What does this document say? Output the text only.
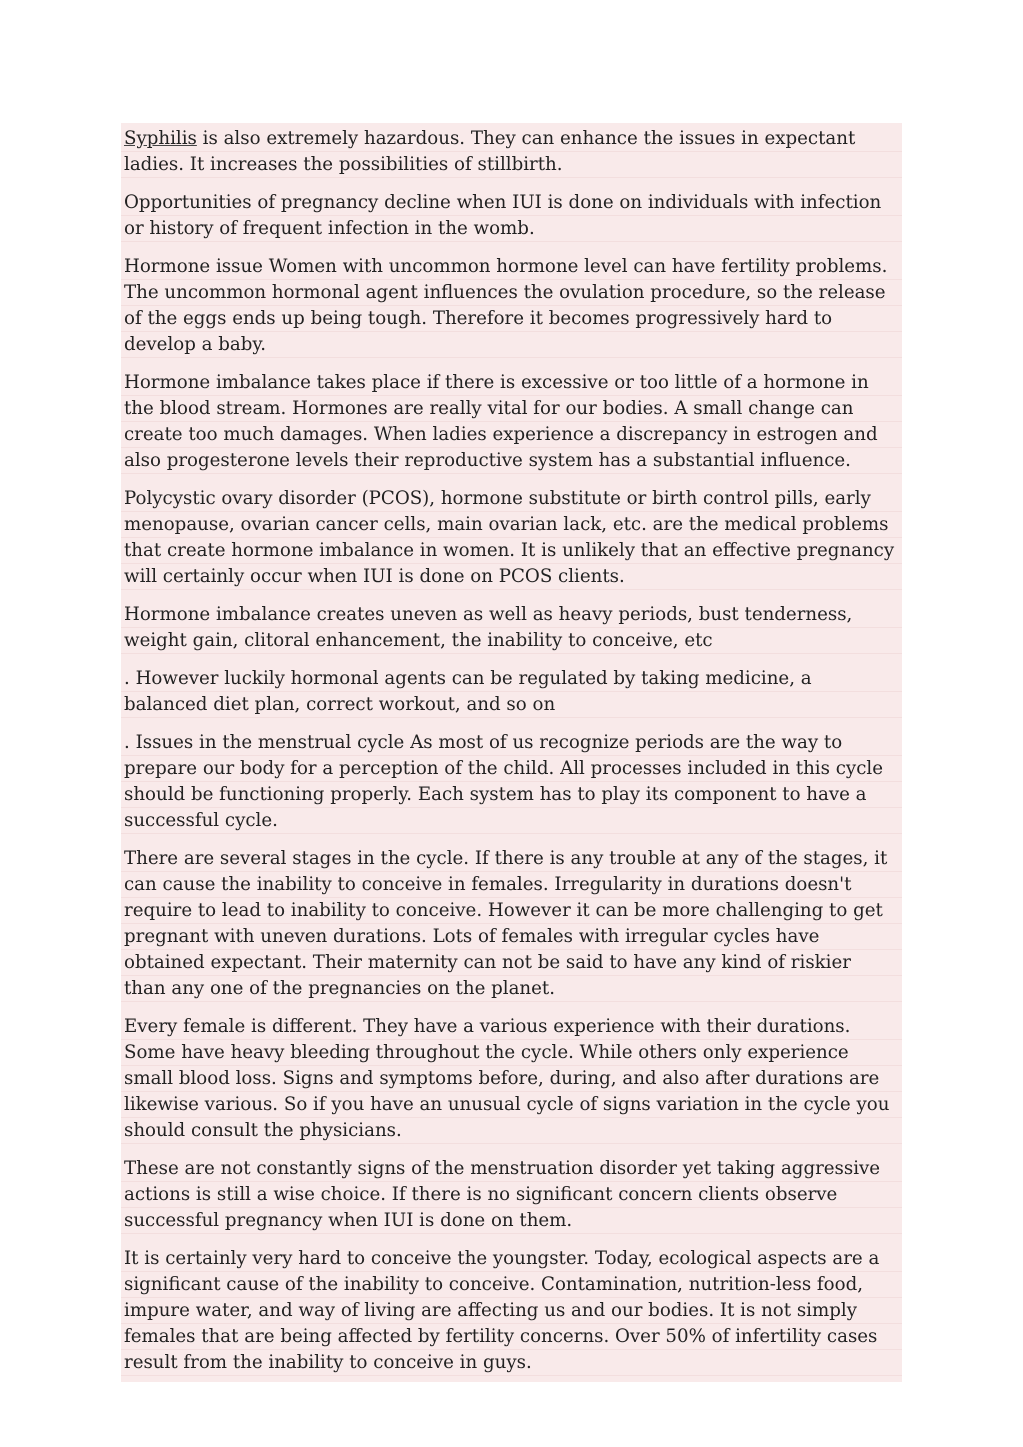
Syphilis is also extremely hazardous. They can enhance the issues in expectant ladies. It increases the possibilities of stillbirth.

Opportunities of pregnancy decline when IUI is done on individuals with infection or history of frequent infection in the womb.

Hormone issue Women with uncommon hormone level can have fertility problems. The uncommon hormonal agent influences the ovulation procedure, so the release of the eggs ends up being tough. Therefore it becomes progressively hard to develop a baby.

Hormone imbalance takes place if there is excessive or too little of a hormone in the blood stream. Hormones are really vital for our bodies. A small change can create too much damages. When ladies experience a discrepancy in estrogen and also progesterone levels their reproductive system has a substantial influence.

Polycystic ovary disorder (PCOS), hormone substitute or birth control pills, early menopause, ovarian cancer cells, main ovarian lack, etc. are the medical problems that create hormone imbalance in women. It is unlikely that an effective pregnancy will certainly occur when IUI is done on PCOS clients.

Hormone imbalance creates uneven as well as heavy periods, bust tenderness, weight gain, clitoral enhancement, the inability to conceive, etc

. However luckily hormonal agents can be regulated by taking medicine, a balanced diet plan, correct workout, and so on

. Issues in the menstrual cycle As most of us recognize periods are the way to prepare our body for a perception of the child. All processes included in this cycle should be functioning properly. Each system has to play its component to have a successful cycle.

There are several stages in the cycle. If there is any trouble at any of the stages, it can cause the inability to conceive in females. Irregularity in durations doesn't require to lead to inability to conceive. However it can be more challenging to get pregnant with uneven durations. Lots of females with irregular cycles have obtained expectant. Their maternity can not be said to have any kind of riskier than any one of the pregnancies on the planet.

Every female is different. They have a various experience with their durations. Some have heavy bleeding throughout the cycle. While others only experience small blood loss. Signs and symptoms before, during, and also after durations are likewise various. So if you have an unusual cycle of signs variation in the cycle you should consult the physicians.

These are not constantly signs of the menstruation disorder yet taking aggressive actions is still a wise choice. If there is no significant concern clients observe successful pregnancy when IUI is done on them.

It is certainly very hard to conceive the youngster. Today, ecological aspects are a significant cause of the inability to conceive. Contamination, nutrition-less food, impure water, and way of living are affecting us and our bodies. It is not simply females that are being affected by fertility concerns. Over 50% of infertility cases result from the inability to conceive in guys.
